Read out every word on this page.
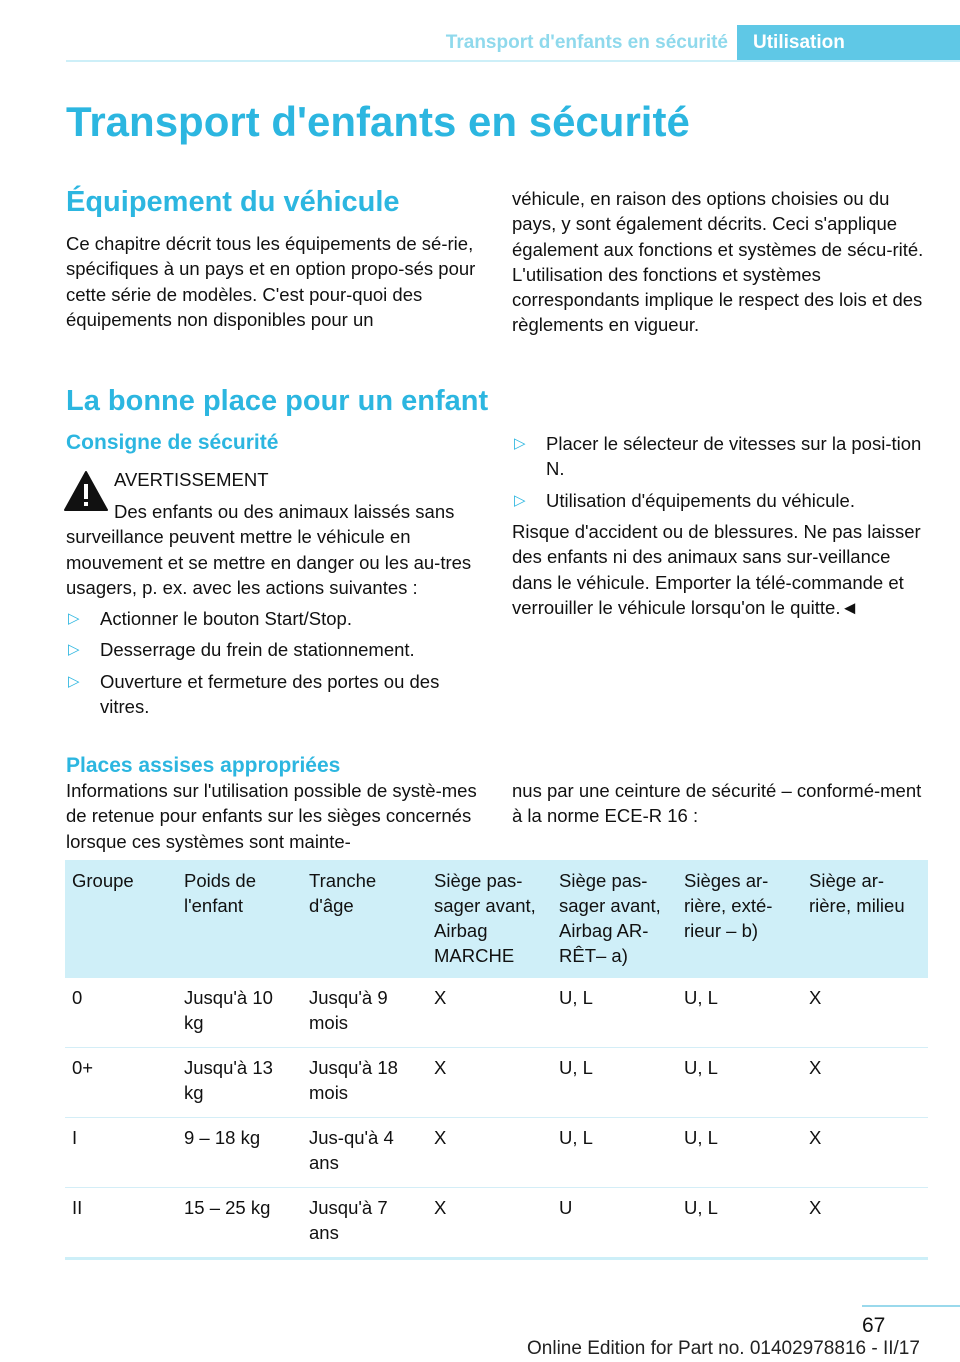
Transport d'enfants en sécurité	Utilisation
Transport d'enfants en sécurité
Équipement du véhicule

Ce chapitre décrit tous les équipements de sé-rie, spécifiques à un pays et en option propo-sés pour cette série de modèles. C'est pour-quoi des équipements non disponibles pour un

véhicule, en raison des options choisies ou du pays, y sont également décrits. Ceci s'applique également aux fonctions et systèmes de sécu-rité. L'utilisation des fonctions et systèmes correspondants implique le respect des lois et des règlements en vigueur.

La bonne place pour un enfant
Consigne de sécurité
AVERTISSEMENT

Des enfants ou des animaux laissés sans surveillance peuvent mettre le véhicule en mouvement et se mettre en danger ou les au-tres usagers, p. ex. avec les actions suivantes :

▷ Actionner le bouton Start/Stop.
▷ Desserrage du frein de stationnement.
▷ Ouverture et fermeture des portes ou des vitres.
▷ Placer le sélecteur de vitesses sur la posi-tion N.
▷ Utilisation d'équipements du véhicule.

Risque d'accident ou de blessures. Ne pas laisser des enfants ni des animaux sans sur-veillance dans le véhicule. Emporter la télé-commande et verrouiller le véhicule lorsqu'on le quitte.◄

Places assises appropriées

Informations sur l'utilisation possible de systè-mes de retenue pour enfants sur les sièges concernés lorsque ces systèmes sont mainte-

nus par une ceinture de sécurité – conformé-ment à la norme ECE-R 16 :

Groupe	Poids de l'enfant	Tranche d'âge	Siège pas-sager avant, Airbag MARCHE	Siège pas-sager avant, Airbag AR-RÊT– a)	Sièges ar-rière, exté-rieur – b)	Siège ar-rière, milieu
0	Jusqu'à 10 kg	Jusqu'à 9 mois	X	U, L	U, L	X
0+	Jusqu'à 13 kg	Jusqu'à 18 mois	X	U, L	U, L	X
I	9 – 18 kg	Jus-qu'à 4 ans	X	U, L	U, L	X
II	15 – 25 kg	Jusqu'à 7 ans	X	U	U, L	X
67
Online Edition for Part no. 01402978816 - II/17
